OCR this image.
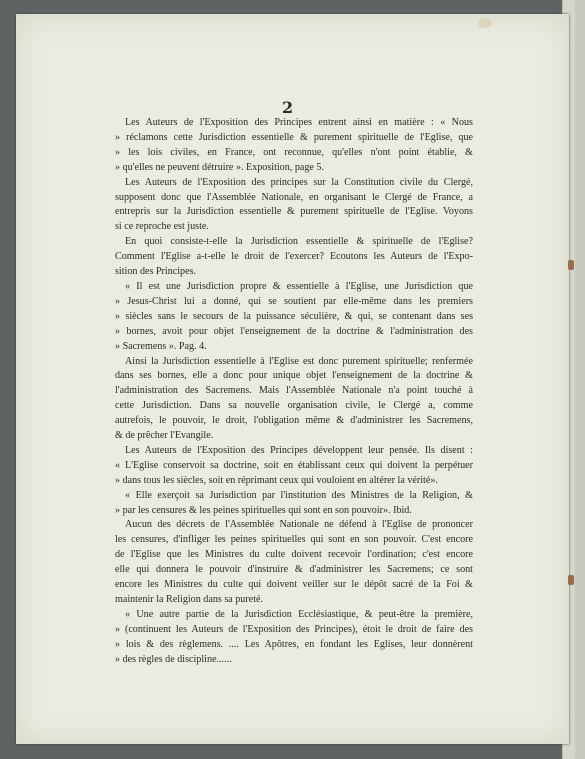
2
Les Auteurs de l'Exposition des Principes entrent ainsi en matière : « Nous
» réclamons cette Jurisdiction essentielle & purement spirituelle de l'Eglise, que
» les lois civiles, en France, ont reconnue, qu'elles n'ont point établie, &
» qu'elles ne peuvent détruire ». Exposition, page 5.
Les Auteurs de l'Exposition des principes sur la Constitution civile du Clergé,
supposent donc que l'Assemblée Nationale, en organisant le Clergé de France, a
entrepris sur la Jurisdiction essentielle & purement spirituelle de l'Eglise. Voyons
si ce reproche est juste.
En quoi consiste-t-elle la Jurisdiction essentielle & spirituelle de l'Eglise?
Comment l'Eglise a-t-elle le droit de l'exercer? Ecoutons les Auteurs de l'Expo-
sition des Principes.
« Il est une Jurisdiction propre & essentielle à l'Eglise, une Jurisdiction que
» Jesus-Christ lui a donné, qui se soutient par elle-même dans les premiers
» siècles sans le secours de la puissance séculière, & qui, se contenant dans ses
» bornes, avoit pour objet l'enseignement de la doctrine & l'administration des
» Sacremens ». Pag. 4.
Ainsi la Jurisdiction essentielle à l'Eglise est donc purement spirituelle; renfermée
dans ses bornes, elle a donc pour unique objet l'enseignement de la doctrine &
l'administration des Sacremens. Mais l'Assemblée Nationale n'a point touché à
cette Jurisdiction. Dans sa nouvelle organisation civile, le Clergé a, comme
autrefois, le pouvoir, le droit, l'obligation même & d'administrer les Sacremens,
& de prêcher l'Evangile.
Les Auteurs de l'Exposition des Principes développent leur pensée. Ils disent :
« L'Eglise conservoit sa doctrine, soit en établissant ceux qui doivent la perpétuer
» dans tous les siècles, soit en réprimant ceux qui vouloient en altérer la vérité».
« Elle exerçoit sa Jurisdiction par l'institution des Ministres de la Religion, &
» par les censures & les peines spirituelles qui sont en son pouvoir». Ibid.
Aucun des décrets de l'Assemblée Nationale ne défend à l'Eglise de prononcer
les censures, d'infliger les peines spirituelles qui sont en son pouvoir. C'est encore
de l'Eglise que les Ministres du culte doivent recevoir l'ordination; c'est encore
elle qui donnera le pouvoir d'instruire & d'administrer les Sacremens; ce sont
encore les Ministres du culte qui doivent veiller sur le dépôt sacré de la Foi &
maintenir la Religion dans sa pureté.
« Une autre partie de la Jurisdiction Ecclésiastique, & peut-être la première,
» (continuent les Auteurs de l'Exposition des Principes), étoit le droit de faire des
» lois & des règlemens. .... Les Apôtres, en fondant les Eglises, leur donnèrent
» des règles de discipline......
